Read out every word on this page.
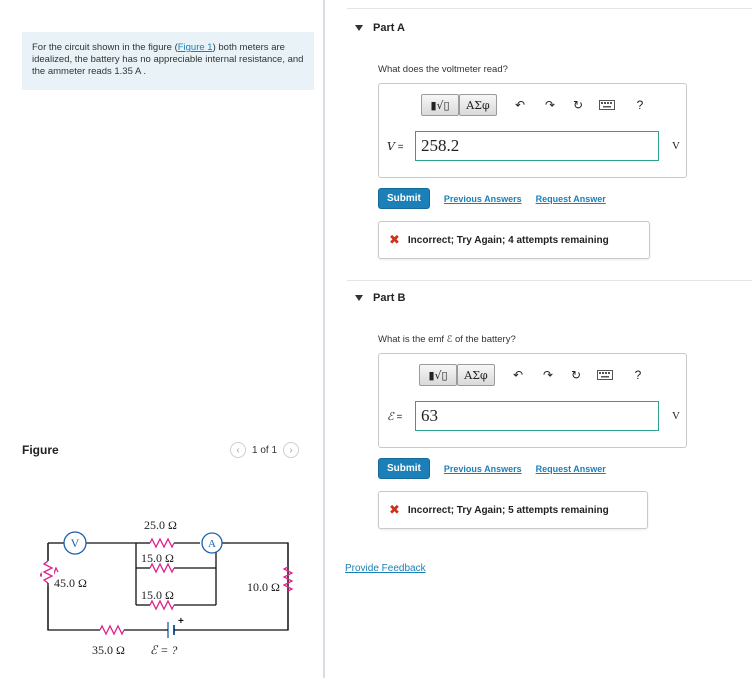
For the circuit shown in the figure (Figure 1) both meters are idealized, the battery has no appreciable internal resistance, and the ammeter reads 1.35 A .
Figure	‹ 1 of 1 ›
V	A
+
25.0 Ω
15.0 Ω
15.0 Ω
45.0 Ω	10.0 Ω
35.0 Ω ℰ = ?
Part A
What does the voltmeter read?
▮√▯	ΑΣφ	↶	↷	↻	?
V =	258.2	V
Submit	Previous Answers Request Answer
✖ Incorrect; Try Again; 4 attempts remaining
Part B
What is the emf ℰ of the battery?
▮√▯	ΑΣφ	↶	↷	↻	?
ℰ =	63	V
Submit	Previous Answers Request Answer
✖ Incorrect; Try Again; 5 attempts remaining
Provide Feedback
